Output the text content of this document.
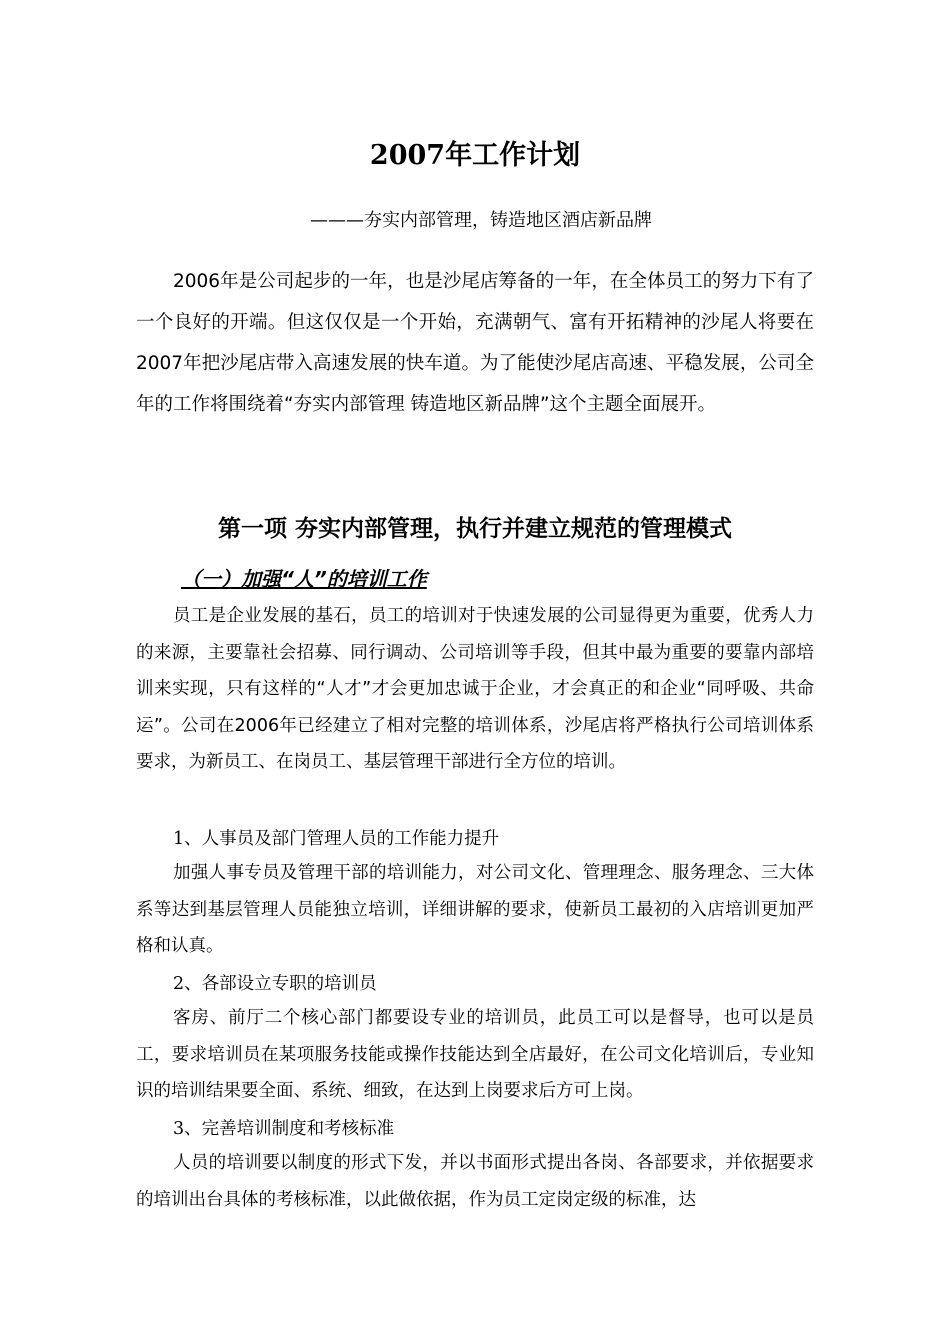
2007年工作计划
———夯实内部管理，铸造地区酒店新品牌

2006年是公司起步的一年，也是沙尾店筹备的一年，在全体员工的努力下有了一个良好的开端。但这仅仅是一个开始，充满朝气、富有开拓精神的沙尾人将要在2007年把沙尾店带入高速发展的快车道。为了能使沙尾店高速、平稳发展，公司全年的工作将围绕着“夯实内部管理 铸造地区新品牌”这个主题全面展开。

第一项 夯实内部管理，执行并建立规范的管理模式
（一）加强“人”的培训工作

员工是企业发展的基石，员工的培训对于快速发展的公司显得更为重要，优秀人力的来源，主要靠社会招募、同行调动、公司培训等手段，但其中最为重要的要靠内部培训来实现，只有这样的“人才”才会更加忠诚于企业，才会真正的和企业“同呼吸、共命运”。公司在2006年已经建立了相对完整的培训体系，沙尾店将严格执行公司培训体系要求，为新员工、在岗员工、基层管理干部进行全方位的培训。

1、人事员及部门管理人员的工作能力提升

加强人事专员及管理干部的培训能力，对公司文化、管理理念、服务理念、三大体系等达到基层管理人员能独立培训，详细讲解的要求，使新员工最初的入店培训更加严格和认真。

2、各部设立专职的培训员

客房、前厅二个核心部门都要设专业的培训员，此员工可以是督导，也可以是员工，要求培训员在某项服务技能或操作技能达到全店最好，在公司文化培训后，专业知识的培训结果要全面、系统、细致，在达到上岗要求后方可上岗。

3、完善培训制度和考核标准

人员的培训要以制度的形式下发，并以书面形式提出各岗、各部要求，并依据要求的培训出台具体的考核标准，以此做依据，作为员工定岗定级的标准，达
